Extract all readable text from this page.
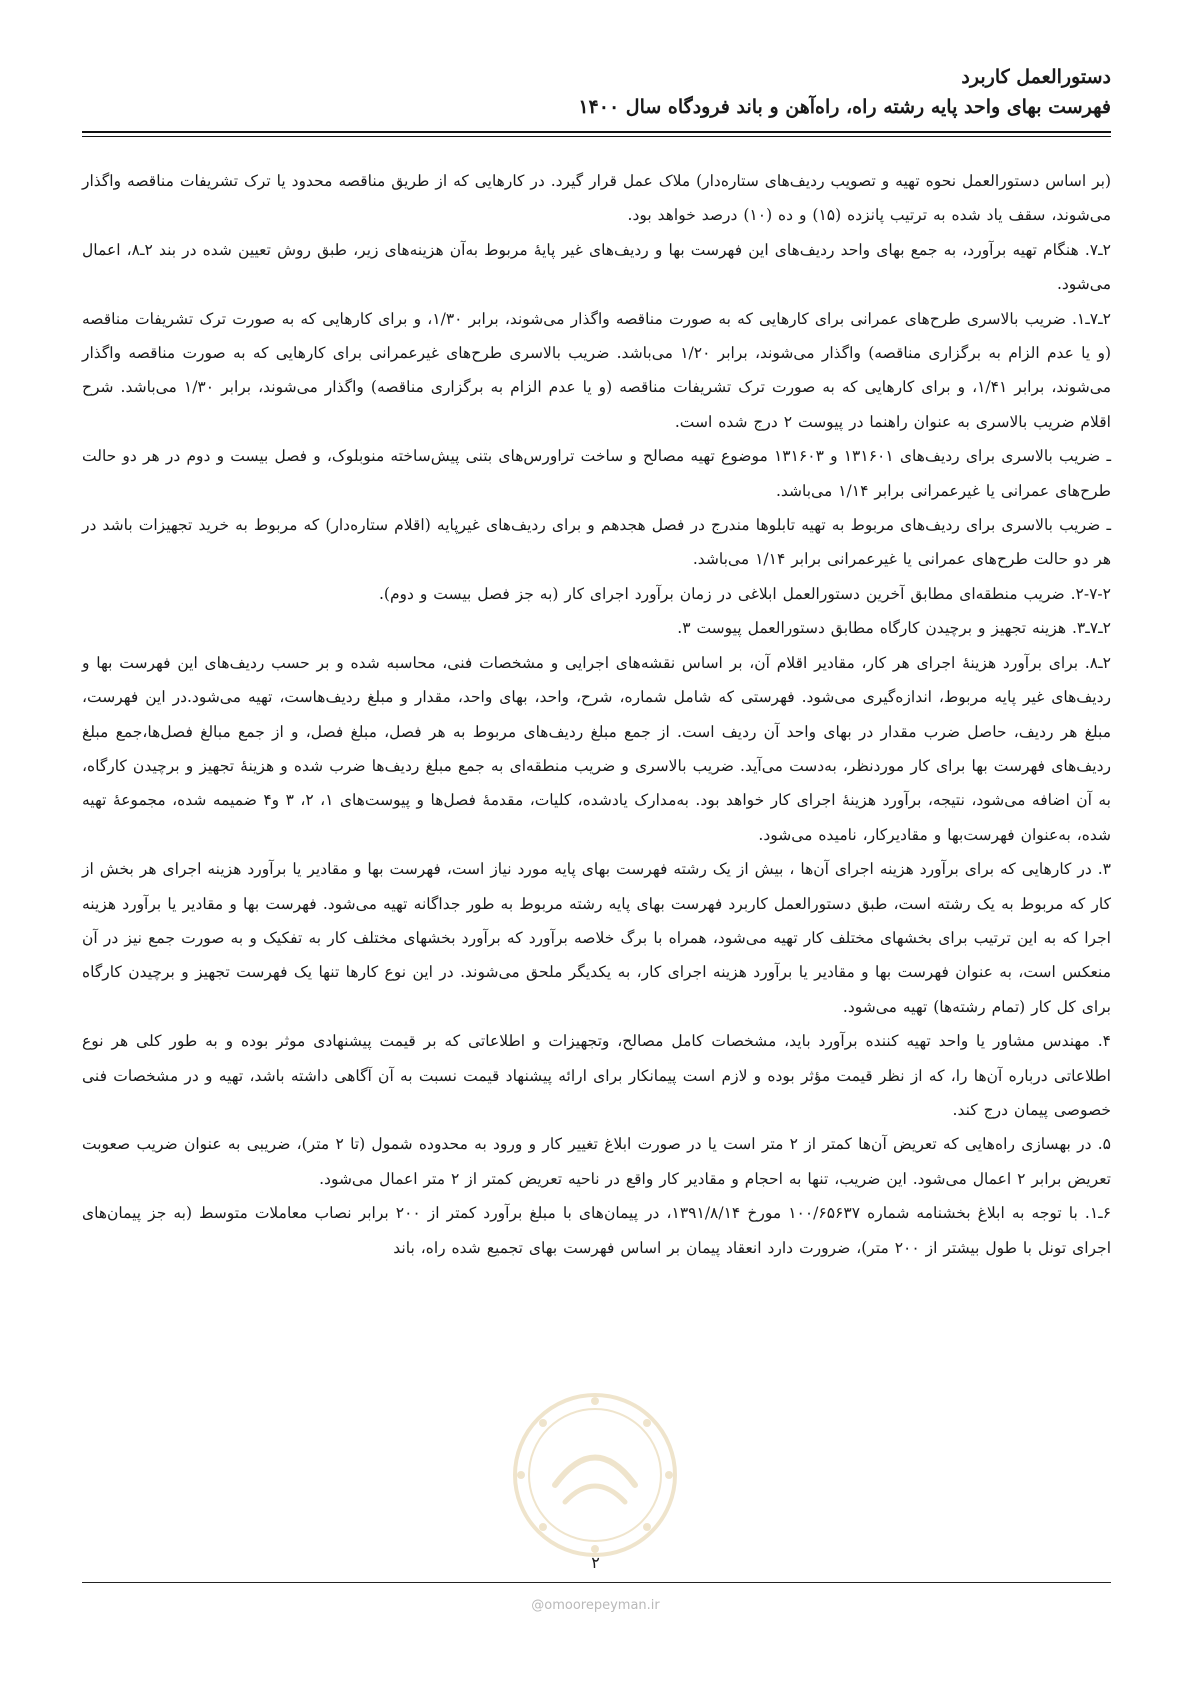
دستورالعمل کاربرد

فهرست بهای واحد پایه رشته راه، راه‌آهن و باند فرودگاه سال ۱۴۰۰

(بر اساس دستورالعمل نحوه تهیه و تصویب ردیف‌های ستاره‌دار) ملاک عمل قرار گیرد. در کارهایی که از طریق مناقصه محدود یا ترک تشریفات مناقصه واگذار می‌شوند، سقف یاد شده به ترتیب پانزده (۱۵) و ده (۱۰) درصد خواهد بود.

۲ـ۷. هنگام تهیه برآورد، به جمع بهای واحد ردیف‌های این فهرست بها و ردیف‌های غیر پایهٔ مربوط به‌آن هزینه‌های زیر، طبق روش تعیین شده در بند ۲ـ۸، اعمال می‌شود.

۲ـ۷ـ۱. ضریب بالاسری طرح‌های عمرانی برای کارهایی که به صورت مناقصه واگذار می‌شوند، برابر ۱/۳۰، و برای کارهایی که به صورت ترک تشریفات مناقصه (و یا عدم الزام به برگزاری مناقصه) واگذار می‌شوند، برابر ۱/۲۰ می‌باشد. ضریب بالاسری طرح‌های غیرعمرانی برای کارهایی که به صورت مناقصه واگذار می‌شوند، برابر ۱/۴۱، و برای کارهایی که به صورت ترک تشریفات مناقصه (و یا عدم الزام به برگزاری مناقصه) واگذار می‌شوند، برابر ۱/۳۰ می‌باشد. شرح اقلام ضریب بالاسری به عنوان راهنما در پیوست ۲ درج شده است.

ـ ضریب بالاسری برای ردیف‌های ۱۳۱۶۰۱ و ۱۳۱۶۰۳ موضوع تهیه مصالح و ساخت تراورس‌های بتنی پیش‌ساخته منوبلوک، و فصل بیست و دوم در هر دو حالت طرح‌های عمرانی یا غیرعمرانی برابر ۱/۱۴ می‌باشد.

ـ ضریب بالاسری برای ردیف‌های مربوط به تهیه تابلوها مندرج در فصل هجدهم و برای ردیف‌های غیرپایه (اقلام ستاره‌دار) که مربوط به خرید تجهیزات باشد در هر دو حالت طرح‌های عمرانی یا غیرعمرانی برابر ۱/۱۴ می‌باشد.

۲-۷-۲. ضریب منطقه‌ای مطابق آخرین دستورالعمل ابلاغی در زمان برآورد اجرای کار (به جز فصل بیست و دوم).

۲ـ۷ـ۳. هزینه تجهیز و برچیدن کارگاه مطابق دستورالعمل پیوست ۳.

۲ـ۸. برای برآورد هزینهٔ اجرای هر کار، مقادیر اقلام آن، بر اساس نقشه‌های اجرایی و مشخصات فنی، محاسبه شده و بر حسب ردیف‌های این فهرست بها و ردیف‌های غیر پایه مربوط، اندازه‌گیری می‌شود. فهرستی که شامل شماره، شرح، واحد، بهای واحد، مقدار و مبلغ ردیف‌هاست، تهیه می‌شود.در این فهرست، مبلغ هر ردیف، حاصل ضرب مقدار در بهای واحد آن ردیف است. از جمع مبلغ ردیف‌های مربوط به هر فصل، مبلغ فصل، و از جمع مبالغ فصل‌ها،جمع مبلغ ردیف‌های فهرست بها برای کار موردنظر، به‌دست می‌آید. ضریب بالاسری و ضریب منطقه‌ای به جمع مبلغ ردیف‌ها ضرب شده و هزینهٔ تجهیز و برچیدن کارگاه، به آن اضافه می‌شود، نتیجه، برآورد هزینهٔ اجرای کار خواهد بود. به‌مدارک یادشده، کلیات، مقدمهٔ فصل‌ها و پیوست‌های ۱، ۲، ۳ و۴ ضمیمه شده، مجموعهٔ تهیه شده، به‌عنوان فهرست‌بها و مقادیرکار، نامیده می‌شود.

۳. در کارهایی که برای برآورد هزینه اجرای آن‌ها ، بیش از یک رشته فهرست بهای پایه مورد نیاز است، فهرست بها و مقادیر یا برآورد هزینه اجرای هر بخش از کار که مربوط به یک رشته است، طبق دستورالعمل کاربرد فهرست بهای پایه رشته مربوط به طور جداگانه تهیه می‌شود. فهرست بها و مقادیر یا برآورد هزینه اجرا که به این ترتیب برای بخشهای مختلف کار تهیه می‌شود، همراه با برگ خلاصه برآورد که برآورد بخشهای مختلف کار به تفکیک و به صورت جمع نیز در آن منعکس است، به عنوان فهرست بها و مقادیر یا برآورد هزینه اجرای کار، به یکدیگر ملحق می‌شوند. در این نوع کارها تنها یک فهرست تجهیز و برچیدن کارگاه برای کل کار (تمام رشته‌ها) تهیه می‌شود.

۴. مهندس مشاور یا واحد تهیه کننده برآورد باید، مشخصات کامل مصالح، وتجهیزات و اطلاعاتی که بر قیمت پیشنهادی موثر بوده و به طور کلی هر نوع اطلاعاتی درباره آن‌ها را، که از نظر قیمت مؤثر بوده و لازم است پیمانکار برای ارائه پیشنهاد قیمت نسبت به آن آگاهی داشته باشد، تهیه و در مشخصات فنی خصوصی پیمان درج کند.

۵. در بهسازی راه‌هایی که تعریض آن‌ها کمتر از ۲ متر است یا در صورت ابلاغ تغییر کار و ورود به محدوده شمول (تا ۲ متر)، ضریبی به عنوان ضریب صعوبت تعریض برابر ۲ اعمال می‌شود. این ضریب، تنها به احجام و مقادیر کار واقع در ناحیه تعریض کمتر از ۲ متر اعمال می‌شود.

۶ـ۱. با توجه به ابلاغ بخشنامه شماره ۱۰۰/۶۵۶۳۷ مورخ ۱۳۹۱/۸/۱۴، در پیمان‌های با مبلغ برآورد کمتر از ۲۰۰ برابر نصاب معاملات متوسط (به جز پیمان‌های اجرای تونل با طول بیشتر از ۲۰۰ متر)، ضرورت دارد انعقاد پیمان بر اساس فهرست بهای تجمیع شده راه، باند

۲
@omoorepeyman.ir
